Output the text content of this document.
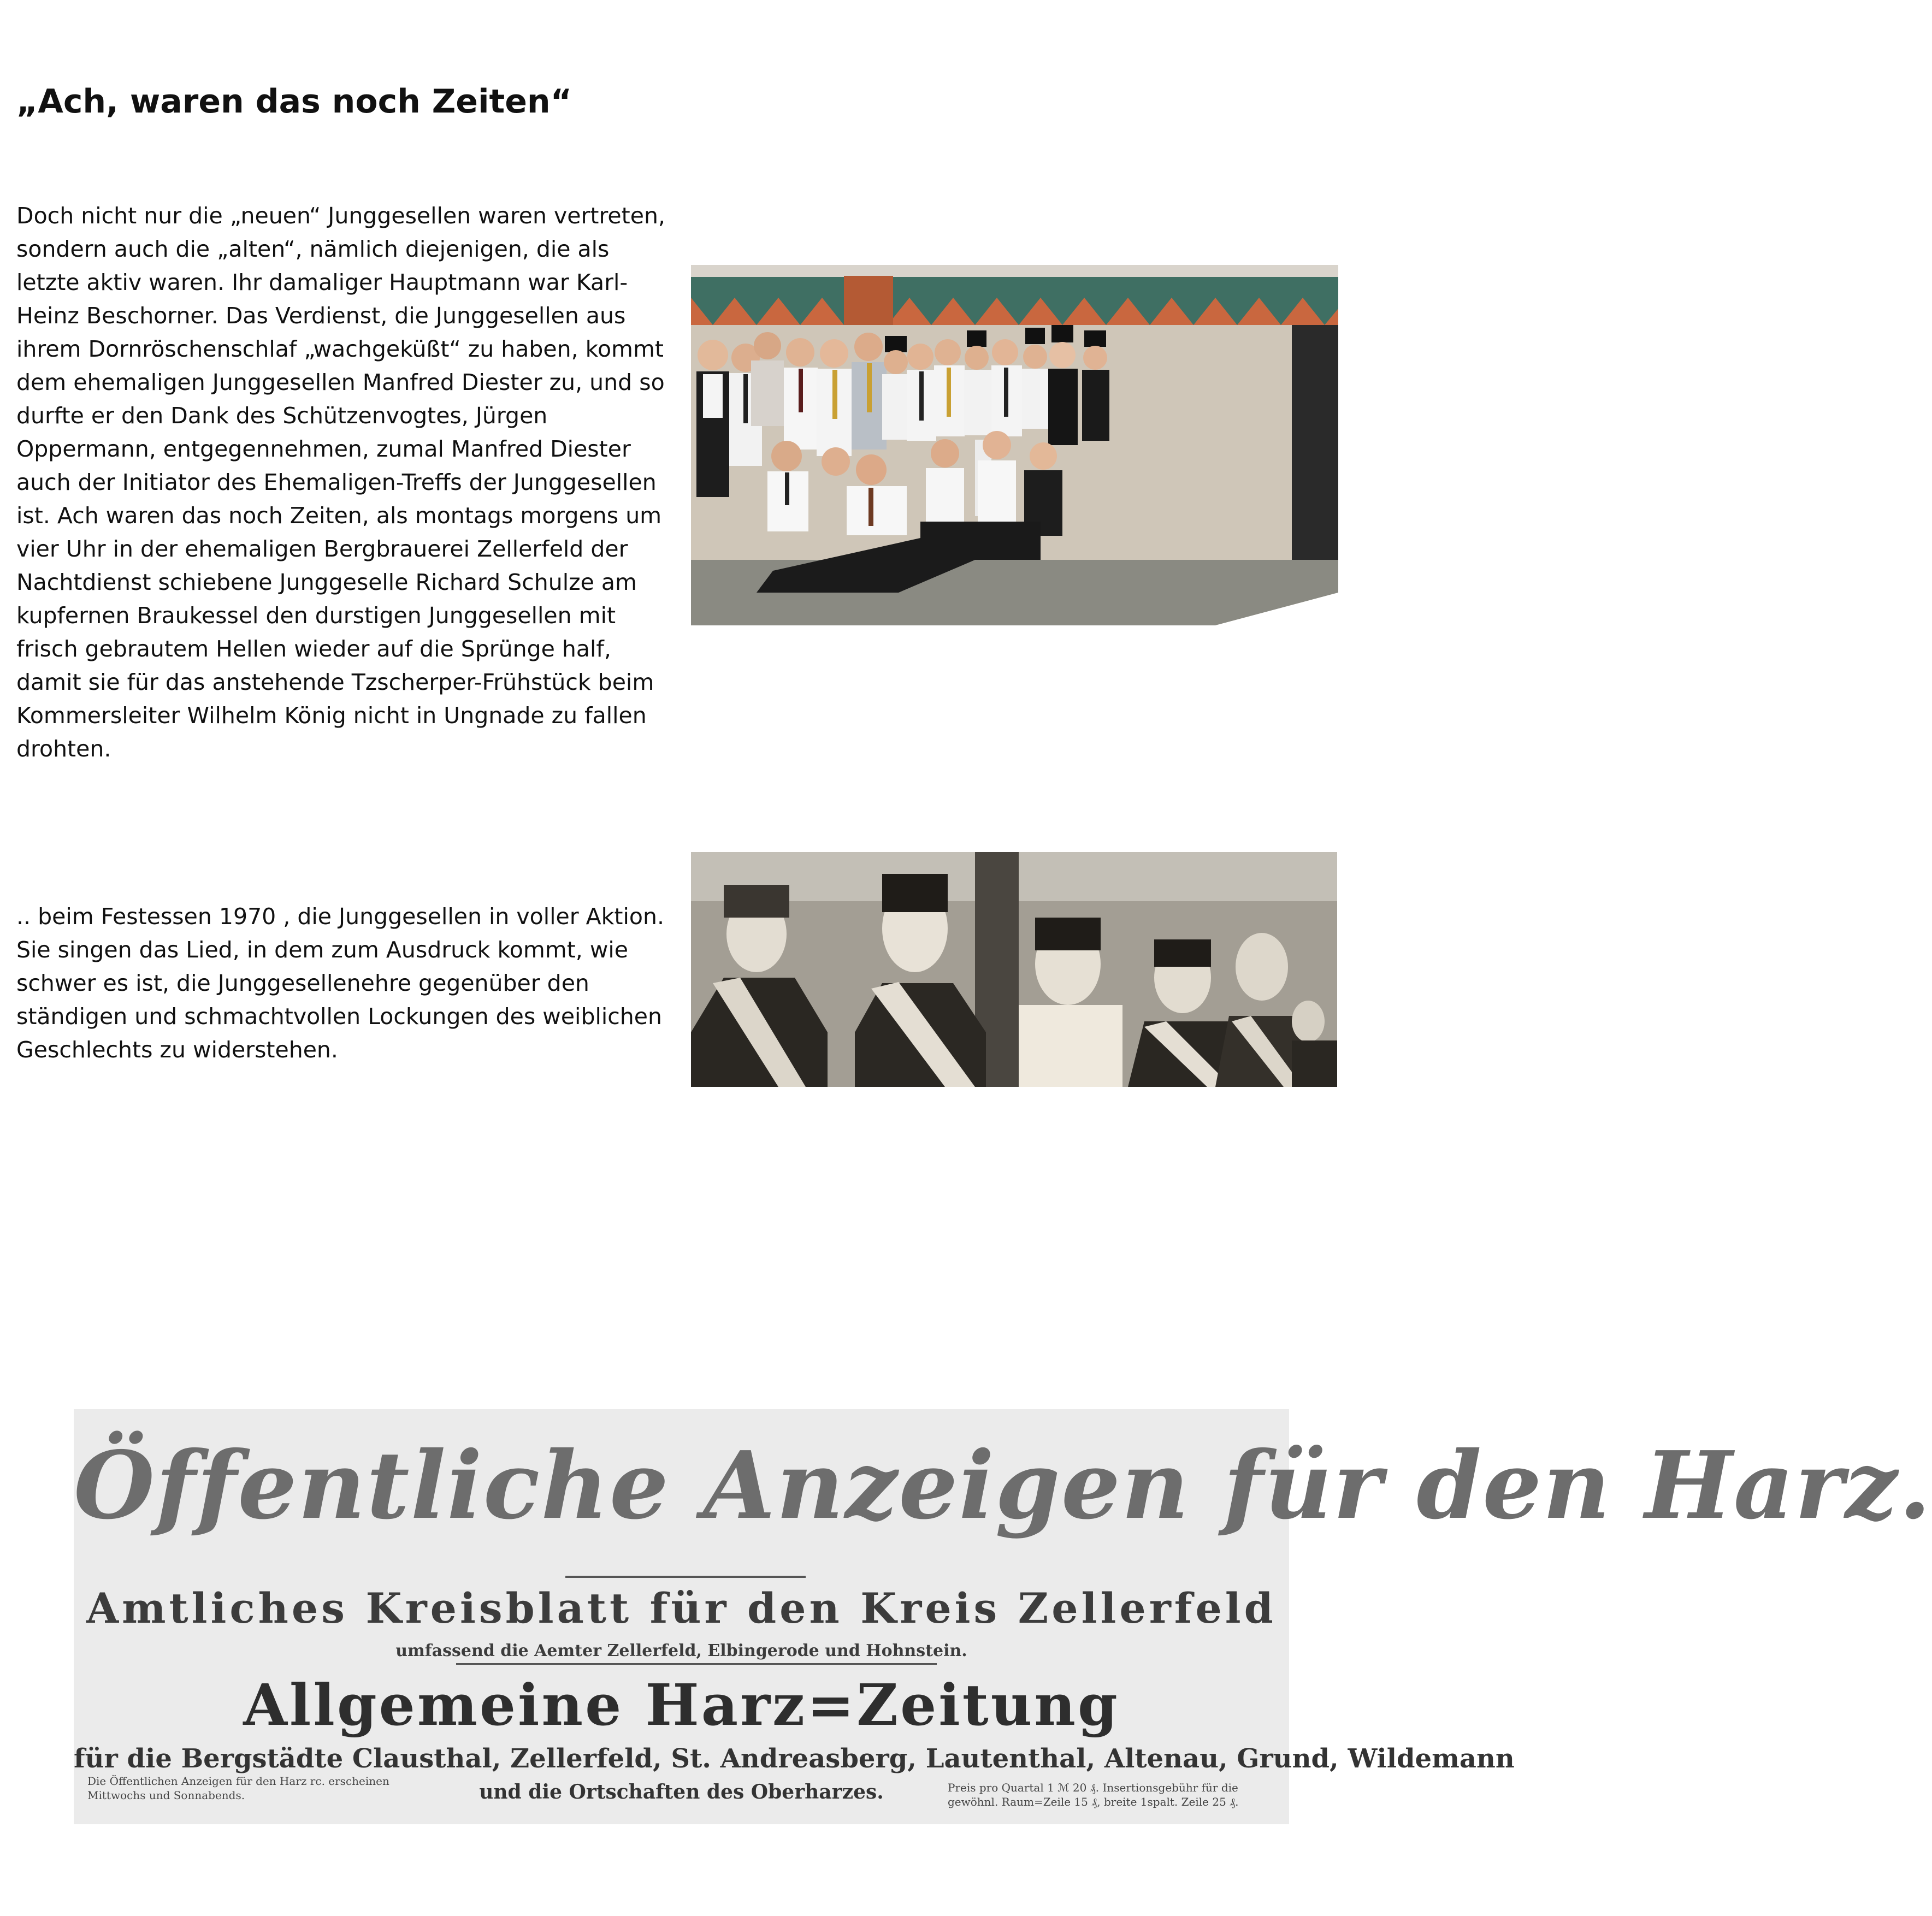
„Ach, waren das noch Zeiten“

Doch nicht nur die „neuen“ Junggesellen waren vertreten,
sondern auch die „alten“, nämlich diejenigen, die als
letzte aktiv waren. Ihr damaliger Hauptmann war Karl-
Heinz Beschorner. Das Verdienst, die Junggesellen aus
ihrem Dornröschenschlaf „wachgeküßt“ zu haben, kommt
dem ehemaligen Junggesellen Manfred Diester zu, und so
durfte er den Dank des Schützenvogtes, Jürgen
Oppermann, entgegennehmen, zumal Manfred Diester
auch der Initiator des Ehemaligen-Treffs der Junggesellen
ist. Ach waren das noch Zeiten, als montags morgens um
vier Uhr in der ehemaligen Bergbrauerei Zellerfeld der
Nachtdienst schiebene Junggeselle Richard Schulze am
kupfernen Braukessel den durstigen Junggesellen mit
frisch gebrautem Hellen wieder auf die Sprünge half,
damit sie für das anstehende Tzscherper-Frühstück beim
Kommersleiter Wilhelm König nicht in Ungnade zu fallen
drohten.

.. beim Festessen 1970 , die Junggesellen in voller Aktion.
Sie singen das Lied, in dem zum Ausdruck kommt, wie
schwer es ist, die Junggesellenehre gegenüber den
ständigen und schmachtvollen Lockungen des weiblichen
Geschlechts zu widerstehen.

Öffentliche Anzeigen für den Harz.
Amtliches Kreisblatt für den Kreis Zellerfeld
umfassend die Aemter Zellerfeld, Elbingerode und Hohnstein.
Allgemeine Harz=Zeitung
für die Bergstädte Clausthal, Zellerfeld, St. Andreasberg, Lautenthal, Altenau, Grund, Wildemann
und die Ortschaften des Oberharzes.
Die Öffentlichen Anzeigen für den Harz rc. erscheinen
Mittwochs und Sonnabends.
Preis pro Quartal 1 ℳ 20 ₰. Insertionsgebühr für die
gewöhnl. Raum=Zeile 15 ₰, breite 1spalt. Zeile 25 ₰.
